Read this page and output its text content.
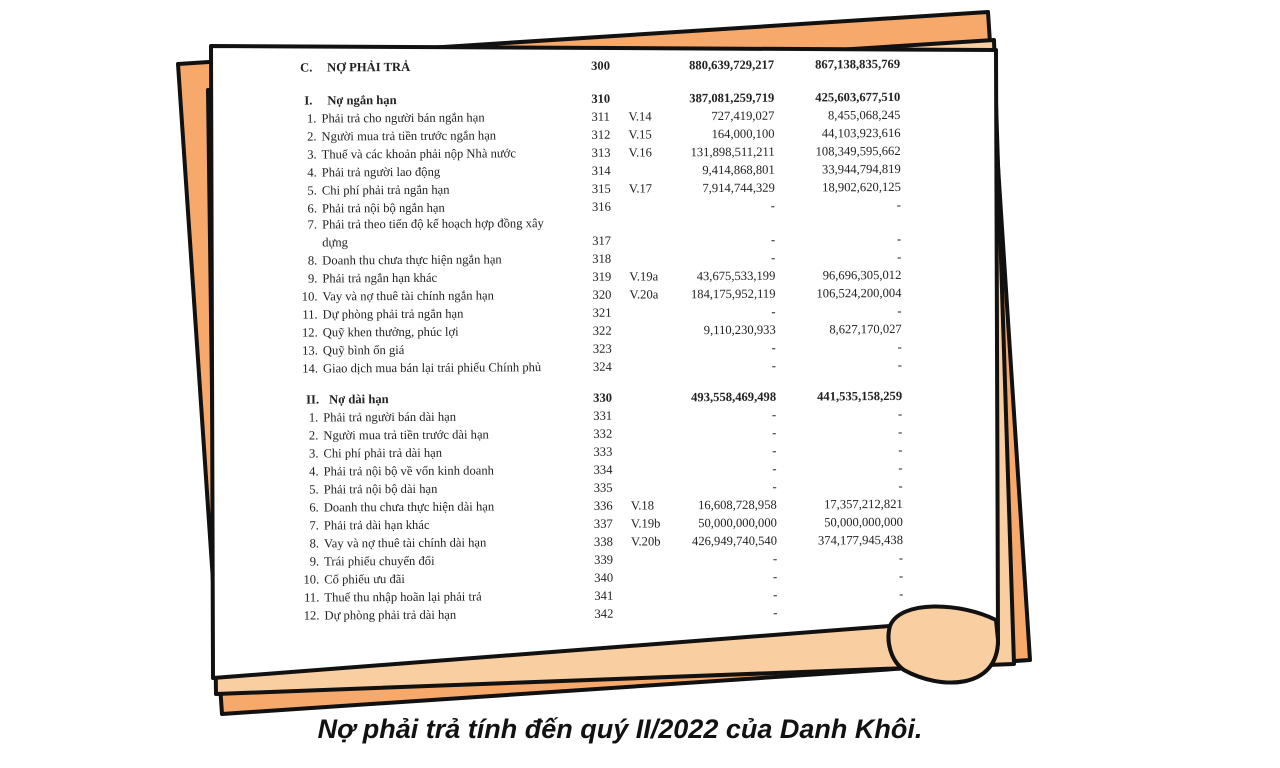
C. NỢ PHẢI TRẢ	300	880,639,729,217	867,138,835,769
I. Nợ ngắn hạn	310	387,081,259,719	425,603,677,510
1. Phải trả cho người bán ngắn hạn	311 V.14	727,419,027	8,455,068,245
2. Người mua trả tiền trước ngắn hạn	312 V.15	164,000,100	44,103,923,616
3. Thuế và các khoản phải nộp Nhà nước	313 V.16	131,898,511,211	108,349,595,662
4. Phải trả người lao động	314	9,414,868,801	33,944,794,819
5. Chi phí phải trả ngắn hạn	315 V.17	7,914,744,329	18,902,620,125
6. Phải trả nội bộ ngắn hạn	316	-	-
7. Phải trả theo tiến độ kế hoạch hợp đồng xây
dựng	317	-	-
8. Doanh thu chưa thực hiện ngắn hạn	318	-	-
9. Phải trả ngắn hạn khác	319 V.19a	43,675,533,199	96,696,305,012
10. Vay và nợ thuê tài chính ngắn hạn	320 V.20a	184,175,952,119	106,524,200,004
11. Dự phòng phải trả ngắn hạn	321	-	-
12. Quỹ khen thưởng, phúc lợi	322	9,110,230,933	8,627,170,027
13. Quỹ bình ổn giá	323	-	-
14. Giao dịch mua bán lại trái phiếu Chính phủ	324	-	-
II. Nợ dài hạn	330	493,558,469,498	441,535,158,259
1. Phải trả người bán dài hạn	331	-	-
2. Người mua trả tiền trước dài hạn	332	-	-
3. Chi phí phải trả dài hạn	333	-	-
4. Phải trả nội bộ về vốn kinh doanh	334	-	-
5. Phải trả nội bộ dài hạn	335	-	-
6. Doanh thu chưa thực hiện dài hạn	336 V.18	16,608,728,958	17,357,212,821
7. Phải trả dài hạn khác	337 V.19b	50,000,000,000	50,000,000,000
8. Vay và nợ thuê tài chính dài hạn	338 V.20b 426,949,740,540	374,177,945,438
9. Trái phiếu chuyển đổi	339	-	-
10. Cổ phiếu ưu đãi	340	-	-
11. Thuế thu nhập hoãn lại phải trả	341	-	-
12. Dự phòng phải trả dài hạn	342	-	-
Nợ phải trả tính đến quý II/2022 của Danh Khôi.
